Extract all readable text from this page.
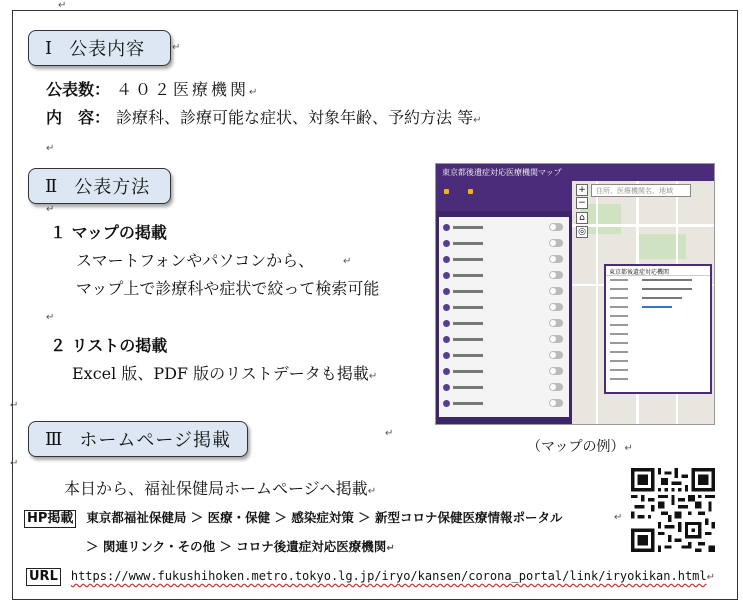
↵
Ⅰ 公表内容	↵
公表数： ４０２医療機関↵
内　容： 診療科、診療可能な症状、対象年齢、予約方法 等↵
↵
Ⅱ 公表方法
↵
１ マップの掲載
スマートフォンやパソコンから、	↵
マップ上で診療科や症状で絞って検索可能
↵
２ リストの掲載
Excel 版、PDF 版のリストデータも掲載↵
東京都後遺症対応医療機関マップ
+
−
⌂
◎
住所、医療機関名、地域
東京都後遺症対応機関
（マップの例）↵
↵
↵
Ⅲ ホームページ掲載
↵
本日から、福祉保健局ホームページへ掲載↵
HP掲載 東京都福祉保健局 ＞ 医療・保健 ＞ 感染症対策 ＞ 新型コロナ保健医療情報ポータル	↵
＞ 関連リンク・その他 ＞ コロナ後遺症対応医療機関↵
URL https://www.fukushihoken.metro.tokyo.lg.jp/iryo/kansen/corona_portal/link/iryokikan.html↵
